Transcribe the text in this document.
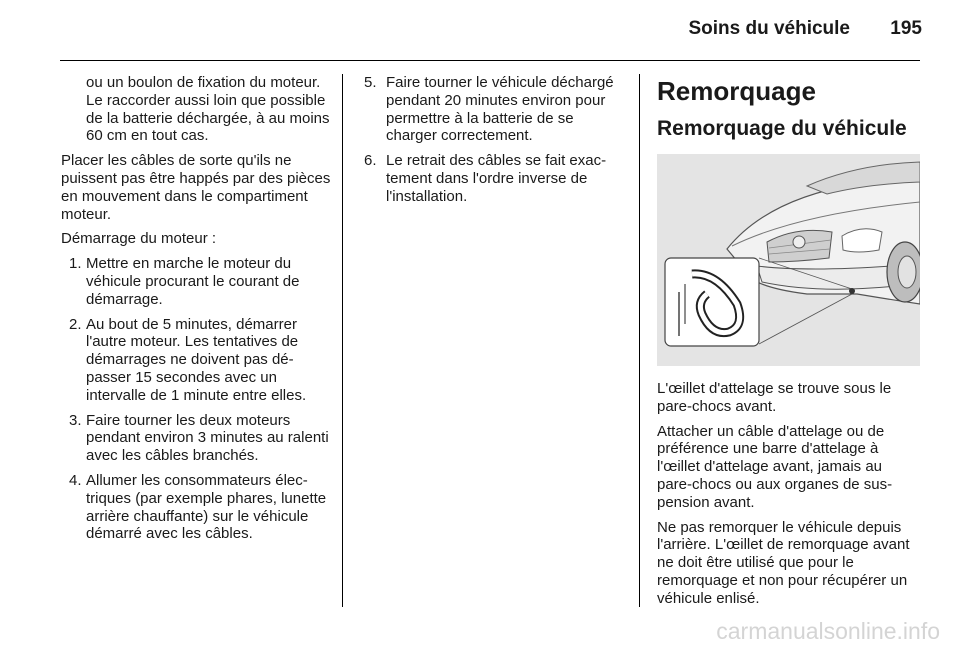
Soins du véhicule	195

ou un boulon de fixation du moteur. Le raccorder aussi loin que possible de la batterie déchargée, à au moins 60 cm en tout cas.

Placer les câbles de sorte qu'ils ne puissent pas être happés par des pièces en mouvement dans le compartiment moteur.

Démarrage du moteur :

1. Mettre en marche le moteur du véhicule procurant le courant de démarrage.
2. Au bout de 5 minutes, démarrer l'autre moteur. Les tentatives de démarrages ne doivent pas dépasser 15 secondes avec un intervalle de 1 minute entre elles.
3. Faire tourner les deux moteurs pendant environ 3 minutes au ralenti avec les câbles branchés.
4. Allumer les consommateurs électriques (par exemple phares, lunette arrière chauffante) sur le véhicule démarré avec les câbles.
5. Faire tourner le véhicule déchargé pendant 20 minutes environ pour permettre à la batterie de se charger correctement.
6. Le retrait des câbles se fait exactement dans l'ordre inverse de l'installation.
Remorquage
Remorquage du véhicule

L'œillet d'attelage se trouve sous le pare-chocs avant.

Attacher un câble d'attelage ou de préférence une barre d'attelage à l'œillet d'attelage avant, jamais au pare-chocs ou aux organes de suspension avant.

Ne pas remorquer le véhicule depuis l'arrière. L'œillet de remorquage avant ne doit être utilisé que pour le remorquage et non pour récupérer un véhicule enlisé.

carmanualsonline.info
